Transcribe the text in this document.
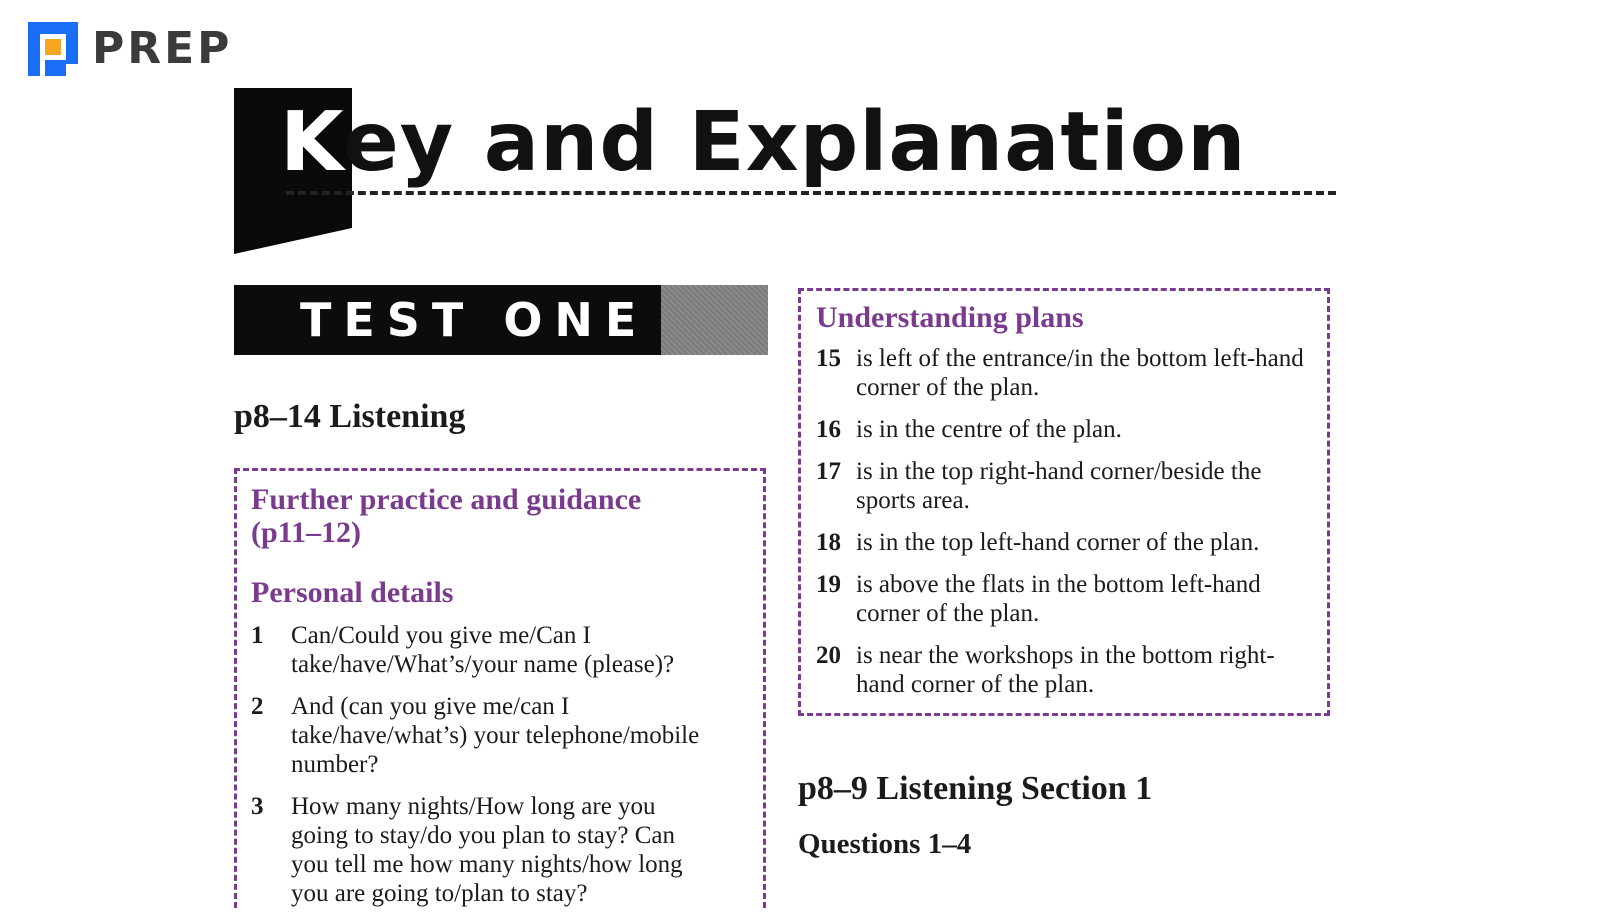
PREP
Key and Explanation
TEST ONE
p8–14 Listening
Further practice and guidance (p11–12)
Personal details
1	Can/Could you give me/Can I take/have/What’s/your name (please)?
2	And (can you give me/can I take/have/what’s) your telephone/mobile number?
3	How many nights/How long are you going to stay/do you plan to stay? Can you tell me how many nights/how long you are going to/plan to stay?
Understanding plans
15 is left of the entrance/in the bottom left-hand corner of the plan.
16 is in the centre of the plan.
17 is in the top right-hand corner/beside the sports area.
18 is in the top left-hand corner of the plan.
19 is above the flats in the bottom left-hand corner of the plan.
20 is near the workshops in the bottom right-hand corner of the plan.
p8–9 Listening Section 1
Questions 1–4
